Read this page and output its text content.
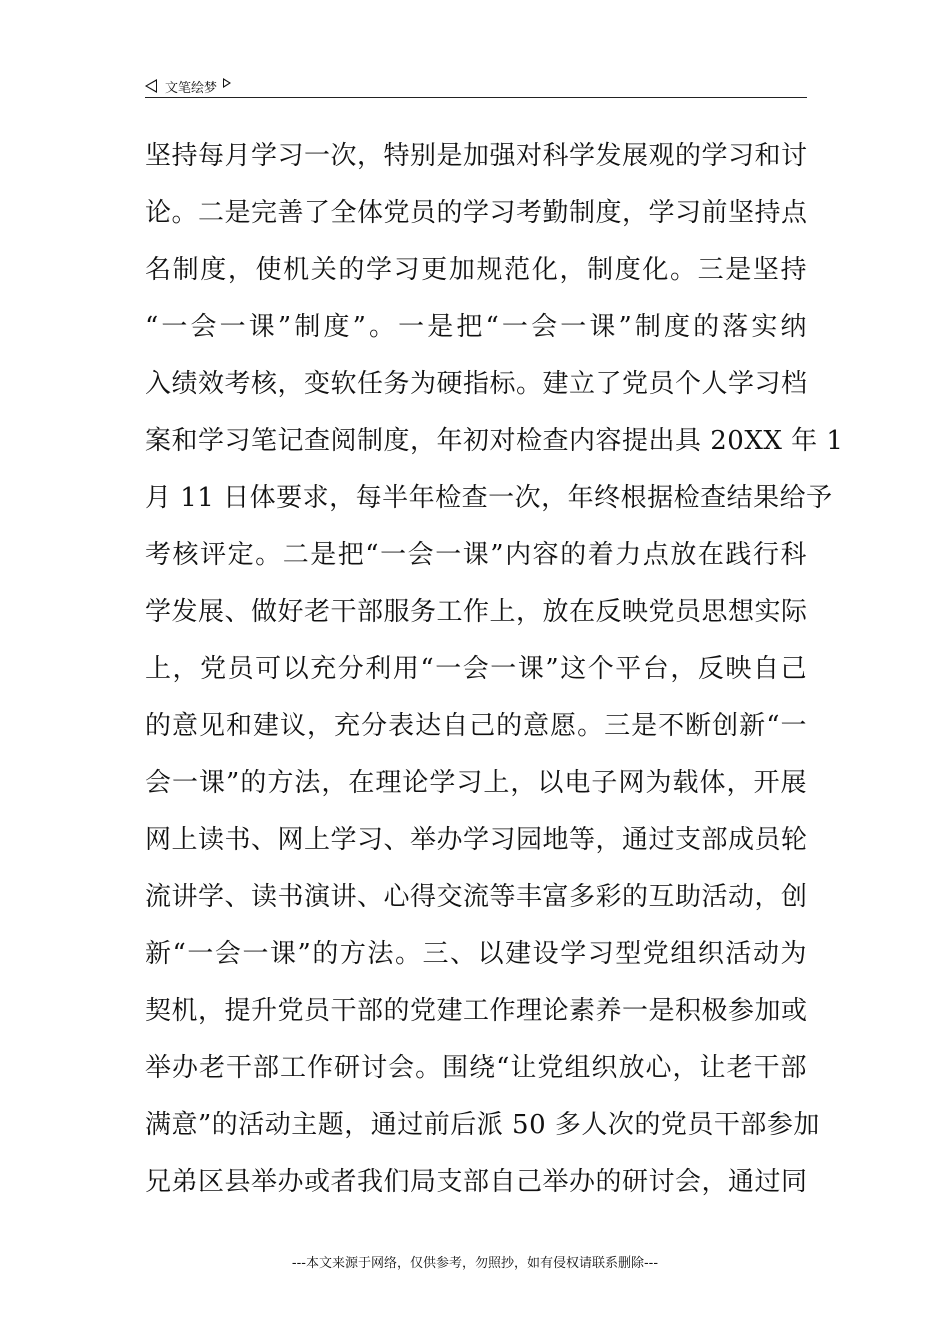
文笔绘梦
坚持每月学习一次，特别是加强对科学发展观的学习和讨
论。二是完善了全体党员的学习考勤制度，学习前坚持点
名制度，使机关的学习更加规范化，制度化。三是坚持
“一会一课”制度”。一是把“一会一课”制度的落实纳
入绩效考核，变软任务为硬指标。建立了党员个人学习档
案和学习笔记查阅制度，年初对检查内容提出具 20XX 年 1
月 11 日体要求，每半年检查一次，年终根据检查结果给予
考核评定。二是把“一会一课”内容的着力点放在践行科
学发展、做好老干部服务工作上，放在反映党员思想实际
上，党员可以充分利用“一会一课”这个平台，反映自己
的意见和建议，充分表达自己的意愿。三是不断创新“一
会一课”的方法，在理论学习上，以电子网为载体，开展
网上读书、网上学习、举办学习园地等，通过支部成员轮
流讲学、读书演讲、心得交流等丰富多彩的互助活动，创
新“一会一课”的方法。三、以建设学习型党组织活动为
契机，提升党员干部的党建工作理论素养一是积极参加或
举办老干部工作研讨会。围绕“让党组织放心，让老干部
满意”的活动主题，通过前后派 50 多人次的党员干部参加
兄弟区县举办或者我们局支部自己举办的研讨会，通过同
---本文来源于网络，仅供参考，勿照抄，如有侵权请联系删除---
